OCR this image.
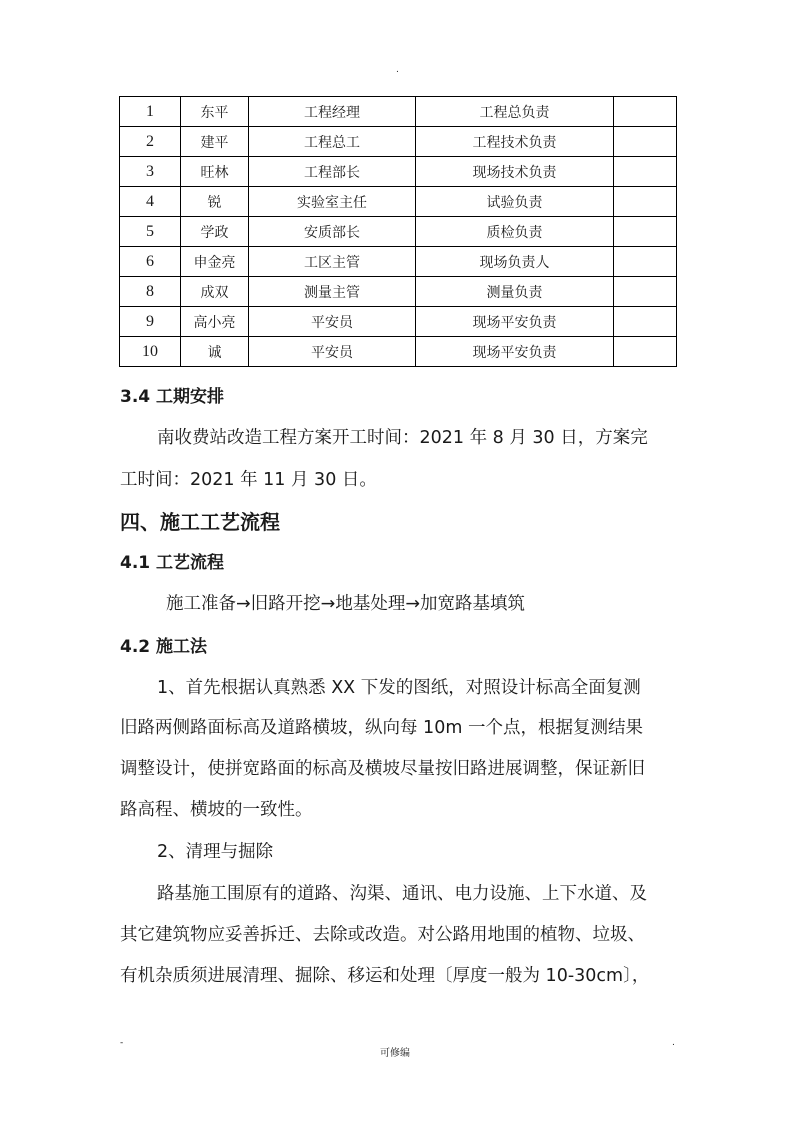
.
1	东平	工程经理	工程总负责	
2	建平	工程总工	工程技术负责	
3	旺林	工程部长	现场技术负责	
4	锐	实验室主任	试验负责	
5	学政	安质部长	质检负责	
6	申金亮	工区主管	现场负责人	
8	成双	测量主管	测量负责	
9	高小亮	平安员	现场平安负责	
10	诚	平安员	现场平安负责	
3.4 工期安排
南收费站改造工程方案开工时间：2021 年 8 月 30 日，方案完
工时间：2021 年 11 月 30 日。
四、施工工艺流程
4.1 工艺流程
施工准备→旧路开挖→地基处理→加宽路基填筑
4.2 施工法
1、首先根据认真熟悉 XX 下发的图纸，对照设计标高全面复测
旧路两侧路面标高及道路横坡，纵向每 10m 一个点，根据复测结果
调整设计，使拼宽路面的标高及横坡尽量按旧路进展调整，保证新旧
路高程、横坡的一致性。
2、清理与掘除
路基施工围原有的道路、沟渠、通讯、电力设施、上下水道、及
其它建筑物应妥善拆迁、去除或改造。对公路用地围的植物、垃圾、
有机杂质须进展清理、掘除、移运和处理〔厚度一般为 10-30cm〕，
-
可修编
.
